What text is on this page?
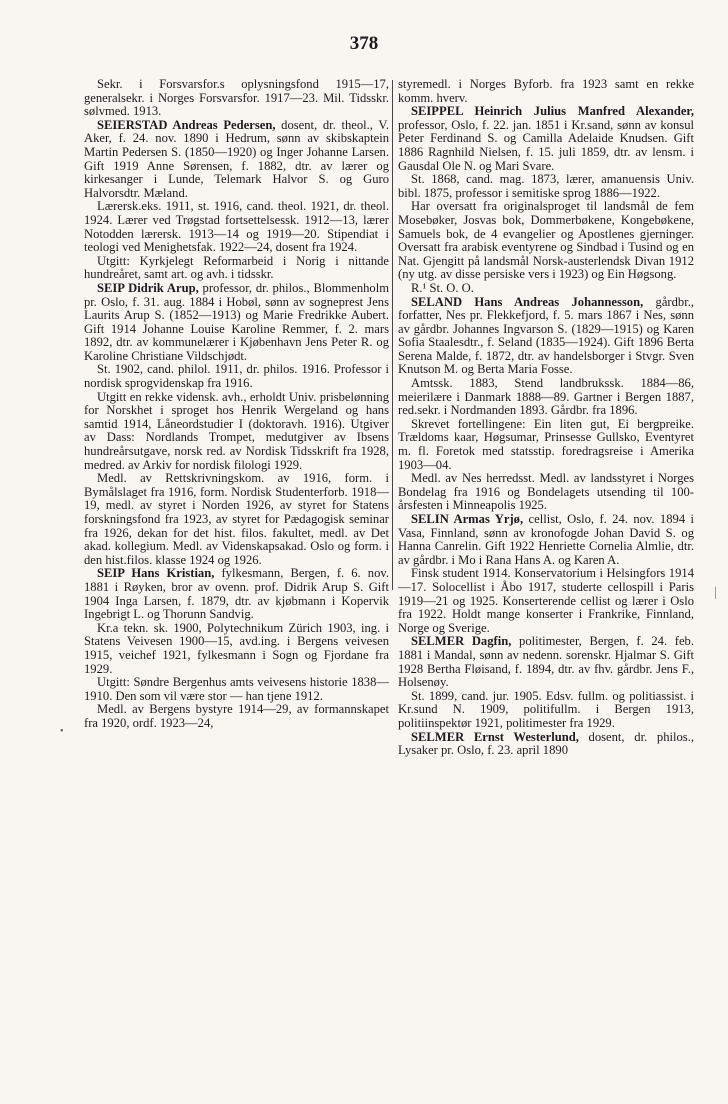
378
•
|

Sekr. i Forsvarsfor.s oplysningsfond 1915—17, generalsekr. i Norges Forsvarsfor. 1917—23. Mil. Tidsskr. sølvmed. 1913.

SEIERSTAD Andreas Pedersen, dosent, dr. theol., V. Aker, f. 24. nov. 1890 i Hedrum, sønn av skibskaptein Martin Pedersen S. (1850—1920) og Inger Johanne Larsen. Gift 1919 Anne Sørensen, f. 1882, dtr. av lærer og kirkesanger i Lunde, Telemark Halvor S. og Guro Halvorsdtr. Mæland.

Lærersk.eks. 1911, st. 1916, cand. theol. 1921, dr. theol. 1924. Lærer ved Trøgstad fortsettelsessk. 1912—13, lærer Notodden lærersk. 1913—14 og 1919—20. Stipendiat i teologi ved Menighetsfak. 1922—24, dosent fra 1924.

Utgitt: Kyrkjelegt Reformarbeid i Norig i nittande hundreåret, samt art. og avh. i tidsskr.

SEIP Didrik Arup, professor, dr. philos., Blommenholm pr. Oslo, f. 31. aug. 1884 i Hobøl, sønn av sogneprest Jens Laurits Arup S. (1852—1913) og Marie Fredrikke Aubert. Gift 1914 Johanne Louise Karoline Remmer, f. 2. mars 1892, dtr. av kommunelærer i Kjøbenhavn Jens Peter R. og Karoline Christiane Vildschjødt.

St. 1902, cand. philol. 1911, dr. philos. 1916. Professor i nordisk sprogvidenskap fra 1916.

Utgitt en rekke vidensk. avh., erholdt Univ. prisbelønning for Norskhet i sproget hos Henrik Wergeland og hans samtid 1914, Låneordstudier I (doktoravh. 1916). Utgiver av Dass: Nordlands Trompet, medutgiver av Ibsens hundreårsutgave, norsk red. av Nordisk Tidsskrift fra 1928, medred. av Arkiv for nordisk filologi 1929.

Medl. av Rettskrivningskom. av 1916, form. i Bymålslaget fra 1916, form. Nordisk Studenterforb. 1918—19, medl. av styret i Norden 1926, av styret for Statens forskningsfond fra 1923, av styret for Pædagogisk seminar fra 1926, dekan for det hist. filos. fakultet, medl. av Det akad. kollegium. Medl. av Videnskapsakad. Oslo og form. i den hist.filos. klasse 1924 og 1926.

SEIP Hans Kristian, fylkesmann, Bergen, f. 6. nov. 1881 i Røyken, bror av ovenn. prof. Didrik Arup S. Gift 1904 Inga Larsen, f. 1879, dtr. av kjøbmann i Kopervik Ingebrigt L. og Thorunn Sandvig.

Kr.a tekn. sk. 1900, Polytechnikum Zürich 1903, ing. i Statens Veivesen 1900—15, avd.ing. i Bergens veivesen 1915, veichef 1921, fylkesmann i Sogn og Fjordane fra 1929.

Utgitt: Søndre Bergenhus amts veivesens historie 1838—1910. Den som vil være stor — han tjene 1912.

Medl. av Bergens bystyre 1914—29, av formannskapet fra 1920, ordf. 1923—24,

styremedl. i Norges Byforb. fra 1923 samt en rekke komm. hverv.

SEIPPEL Heinrich Julius Manfred Alexander, professor, Oslo, f. 22. jan. 1851 i Kr.sand, sønn av konsul Peter Ferdinand S. og Camilla Adelaide Knudsen. Gift 1886 Ragnhild Nielsen, f. 15. juli 1859, dtr. av lensm. i Gausdal Ole N. og Mari Svare.

St. 1868, cand. mag. 1873, lærer, amanuensis Univ. bibl. 1875, professor i semitiske sprog 1886—1922.

Har oversatt fra originalsproget til landsmål de fem Mosebøker, Josvas bok, Dommerbøkene, Kongebøkene, Samuels bok, de 4 evangelier og Apostlenes gjerninger. Oversatt fra arabisk eventyrene og Sindbad i Tusind og en Nat. Gjengitt på landsmål Norsk-austerlendsk Divan 1912 (ny utg. av disse persiske vers i 1923) og Ein Høgsong.

R.¹ St. O. O.

SELAND Hans Andreas Johannesson, gårdbr., forfatter, Nes pr. Flekkefjord, f. 5. mars 1867 i Nes, sønn av gårdbr. Johannes Ingvarson S. (1829—1915) og Karen Sofia Staalesdtr., f. Seland (1835—1924). Gift 1896 Berta Serena Malde, f. 1872, dtr. av handelsborger i Stvgr. Sven Knutson M. og Berta Maria Fosse.

Amtssk. 1883, Stend landbrukssk. 1884—86, meierilære i Danmark 1888—89. Gartner i Bergen 1887, red.sekr. i Nordmanden 1893. Gårdbr. fra 1896.

Skrevet fortellingene: Ein liten gut, Ei bergpreike. Trældoms kaar, Høgsumar, Prinsesse Gullsko, Eventyret m. fl. Foretok med statsstip. foredragsreise i Amerika 1903—04.

Medl. av Nes herredsst. Medl. av landsstyret i Norges Bondelag fra 1916 og Bondelagets utsending til 100-årsfesten i Minneapolis 1925.

SELIN Armas Yrjø, cellist, Oslo, f. 24. nov. 1894 i Vasa, Finnland, sønn av kronofogde Johan David S. og Hanna Canrelin. Gift 1922 Henriette Cornelia Almlie, dtr. av gårdbr. i Mo i Rana Hans A. og Karen A.

Finsk student 1914. Konservatorium i Helsingfors 1914—17. Solocellist i Åbo 1917, studerte cellospill i Paris 1919—21 og 1925. Konserterende cellist og lærer i Oslo fra 1922. Holdt mange konserter i Frankrike, Finnland, Norge og Sverige.

SELMER Dagfin, politimester, Bergen, f. 24. feb. 1881 i Mandal, sønn av nedenn. sorenskr. Hjalmar S. Gift 1928 Bertha Fløisand, f. 1894, dtr. av fhv. gårdbr. Jens F., Holsenøy.

St. 1899, cand. jur. 1905. Edsv. fullm. og politiassist. i Kr.sund N. 1909, politifullm. i Bergen 1913, politiinspektør 1921, politimester fra 1929.

SELMER Ernst Westerlund, dosent, dr. philos., Lysaker pr. Oslo, f. 23. april 1890
